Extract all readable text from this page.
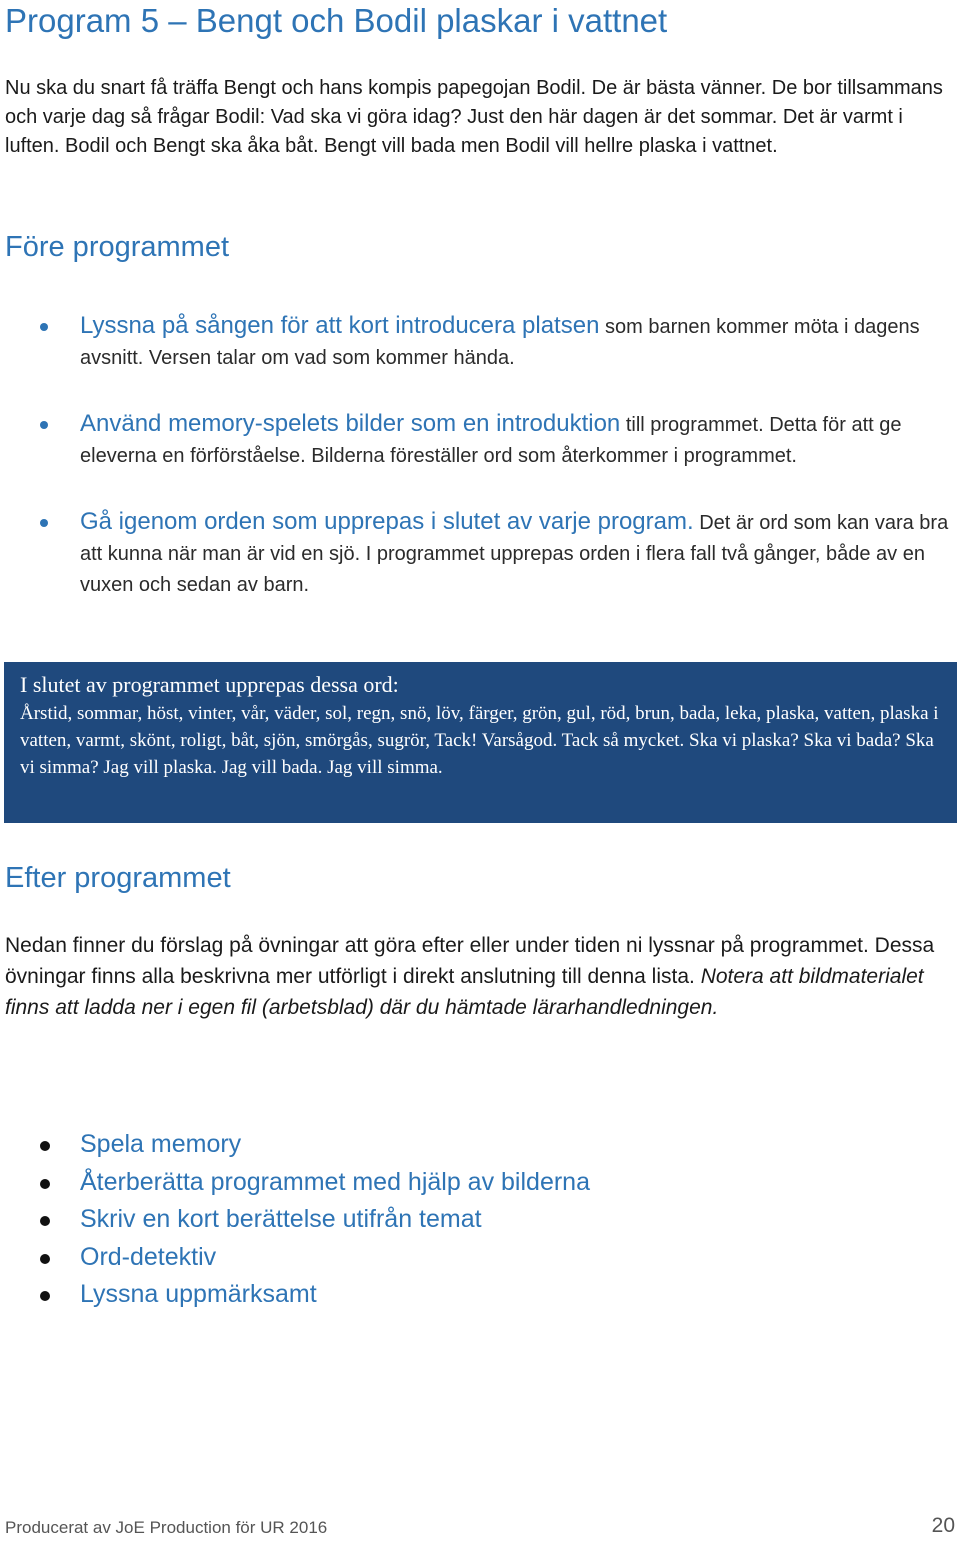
Program 5 – Bengt och Bodil plaskar i vattnet

Nu ska du snart få träffa Bengt och hans kompis papegojan Bodil. De är bästa vänner. De bor tillsammans och varje dag så frågar Bodil: Vad ska vi göra idag? Just den här dagen är det sommar. Det är varmt i luften. Bodil och Bengt ska åka båt. Bengt vill bada men Bodil vill hellre plaska i vattnet.

Före programmet
Lyssna på sången för att kort introducera platsen som barnen kommer möta i dagens avsnitt. Versen talar om vad som kommer hända.
Använd memory-spelets bilder som en introduktion till programmet. Detta för att ge eleverna en förförståelse. Bilderna föreställer ord som återkommer i programmet.
Gå igenom orden som upprepas i slutet av varje program. Det är ord som kan vara bra att kunna när man är vid en sjö. I programmet upprepas orden i flera fall två gånger, både av en vuxen och sedan av barn.

I slutet av programmet upprepas dessa ord:

Årstid, sommar, höst, vinter, vår, väder, sol, regn, snö, löv, färger, grön, gul, röd, brun, bada, leka, plaska, vatten, plaska i vatten, varmt, skönt, roligt, båt, sjön, smörgås, sugrör, Tack! Varsågod. Tack så mycket. Ska vi plaska? Ska vi bada? Ska vi simma? Jag vill plaska. Jag vill bada. Jag vill simma.

Efter programmet

Nedan finner du förslag på övningar att göra efter eller under tiden ni lyssnar på programmet. Dessa övningar finns alla beskrivna mer utförligt i direkt anslutning till denna lista. Notera att bildmaterialet finns att ladda ner i egen fil (arbetsblad) där du hämtade lärarhandledningen.

Spela memory
Återberätta programmet med hjälp av bilderna
Skriv en kort berättelse utifrån temat
Ord-detektiv
Lyssna uppmärksamt
Producerat av JoE Production för UR 2016	20
